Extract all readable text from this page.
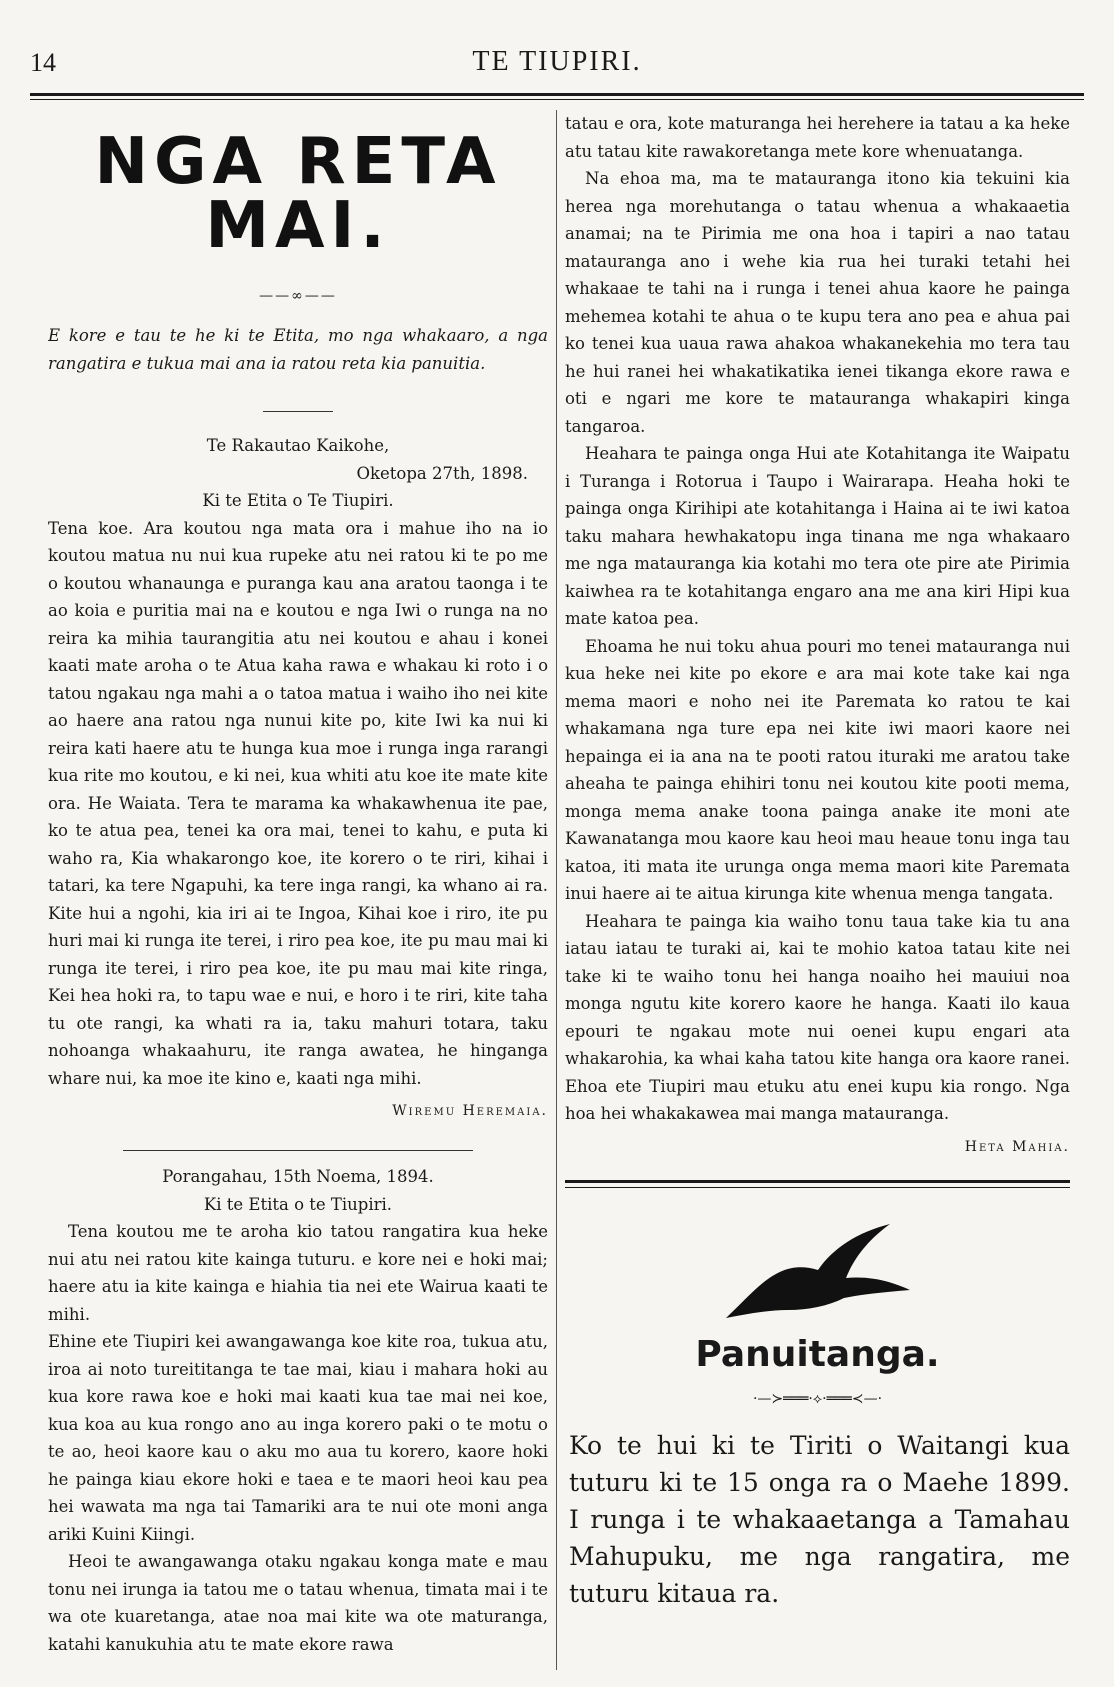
14	TE TIUPIRI.
NGA RETA MAI.
——∞——

E kore e tau te he ki te Etita, mo nga whakaaro, a nga rangatira e tukua mai ana ia ratou reta kia panuitia.

Te Rakautao Kaikohe,
Oketopa 27th, 1898.
Ki te Etita o Te Tiupiri.

Tena koe. Ara koutou nga mata ora i mahue iho na io koutou matua nu nui kua rupeke atu nei ratou ki te po me o koutou whanaunga e puranga kau ana aratou taonga i te ao koia e puritia mai na e koutou e nga Iwi o runga na no reira ka mihia taurangitia atu nei koutou e ahau i konei kaati mate aroha o te Atua kaha rawa e whakau ki roto i o tatou ngakau nga mahi a o tatoa matua i waiho iho nei kite ao haere ana ratou nga nunui kite po, kite Iwi ka nui ki reira kati haere atu te hunga kua moe i runga inga rarangi kua rite mo koutou, e ki nei, kua whiti atu koe ite mate kite ora. He Waiata. Tera te marama ka whakawhenua ite pae, ko te atua pea, tenei ka ora mai, tenei to kahu, e puta ki waho ra, Kia whakarongo koe, ite korero o te riri, kihai i tatari, ka tere Ngapuhi, ka tere inga rangi, ka whano ai ra. Kite hui a ngohi, kia iri ai te Ingoa, Kihai koe i riro, ite pu huri mai ki runga ite terei, i riro pea koe, ite pu mau mai ki runga ite terei, i riro pea koe, ite pu mau mai kite ringa, Kei hea hoki ra, to tapu wae e nui, e horo i te riri, kite taha tu ote rangi, ka whati ra ia, taku mahuri totara, taku nohoanga whakaahuru, ite ranga awatea, he hinganga whare nui, ka moe ite kino e, kaati nga mihi.

Wiremu Heremaia.
Porangahau, 15th Noema, 1894.
Ki te Etita o te Tiupiri.

Tena koutou me te aroha kio tatou rangatira kua heke nui atu nei ratou kite kainga tuturu. e kore nei e hoki mai; haere atu ia kite kainga e hiahia tia nei ete Wairua kaati te mihi.

Ehine ete Tiupiri kei awangawanga koe kite roa, tukua atu, iroa ai noto tureititanga te tae mai, kiau i mahara hoki au kua kore rawa koe e hoki mai kaati kua tae mai nei koe, kua koa au kua rongo ano au inga korero paki o te motu o te ao, heoi kaore kau o aku mo aua tu korero, kaore hoki he painga kiau ekore hoki e taea e te maori heoi kau pea hei wawata ma nga tai Tamariki ara te nui ote moni anga ariki Kuini Kiingi.

Heoi te awangawanga otaku ngakau konga mate e mau tonu nei irunga ia tatou me o tatau whenua, timata mai i te wa ote kuaretanga, atae noa mai kite wa ote maturanga, katahi kanukuhia atu te mate ekore rawa

tatau e ora, kote maturanga hei herehere ia tatau a ka heke atu tatau kite rawakoretanga mete kore whenuatanga.

Na ehoa ma, ma te matauranga itono kia tekuini kia herea nga morehutanga o tatau whenua a whakaaetia anamai; na te Pirimia me ona hoa i tapiri a nao tatau matauranga ano i wehe kia rua hei turaki tetahi hei whakaae te tahi na i runga i tenei ahua kaore he painga mehemea kotahi te ahua o te kupu tera ano pea e ahua pai ko tenei kua uaua rawa ahakoa whakanekehia mo tera tau he hui ranei hei whakatikatika ienei tikanga ekore rawa e oti e ngari me kore te matauranga whakapiri kinga tangaroa.

Heahara te painga onga Hui ate Kotahitanga ite Waipatu i Turanga i Rotorua i Taupo i Wairarapa. Heaha hoki te painga onga Kirihipi ate kotahitanga i Haina ai te iwi katoa taku mahara hewhakatopu inga tinana me nga whakaaro me nga matauranga kia kotahi mo tera ote pire ate Pirimia kaiwhea ra te kotahitanga engaro ana me ana kiri Hipi kua mate katoa pea.

Ehoama he nui toku ahua pouri mo tenei matauranga nui kua heke nei kite po ekore e ara mai kote take kai nga mema maori e noho nei ite Paremata ko ratou te kai whakamana nga ture epa nei kite iwi maori kaore nei hepainga ei ia ana na te pooti ratou ituraki me aratou take aheaha te painga ehihiri tonu nei koutou kite pooti mema, monga mema anake toona painga anake ite moni ate Kawanatanga mou kaore kau heoi mau heaue tonu inga tau katoa, iti mata ite urunga onga mema maori kite Paremata inui haere ai te aitua kirunga kite whenua menga tangata.

Heahara te painga kia waiho tonu taua take kia tu ana iatau iatau te turaki ai, kai te mohio katoa tatau kite nei take ki te waiho tonu hei hanga noaiho hei mauiui noa monga ngutu kite korero kaore he hanga. Kaati ilo kaua epouri te ngakau mote nui oenei kupu engari ata whakarohia, ka whai kaha tatou kite hanga ora kaore ranei. Ehoa ete Tiupiri mau etuku atu enei kupu kia rongo. Nga hoa hei whakakawea mai manga matauranga.

Heta Mahia.
Panuitanga.
·—≻═══·⟡·═══≺—·

Ko te hui ki te Tiriti o Waitangi kua tuturu ki te 15 onga ra o Maehe 1899. I runga i te whakaaetanga a Tamahau Mahupuku, me nga rangatira, me tuturu kitaua ra.
